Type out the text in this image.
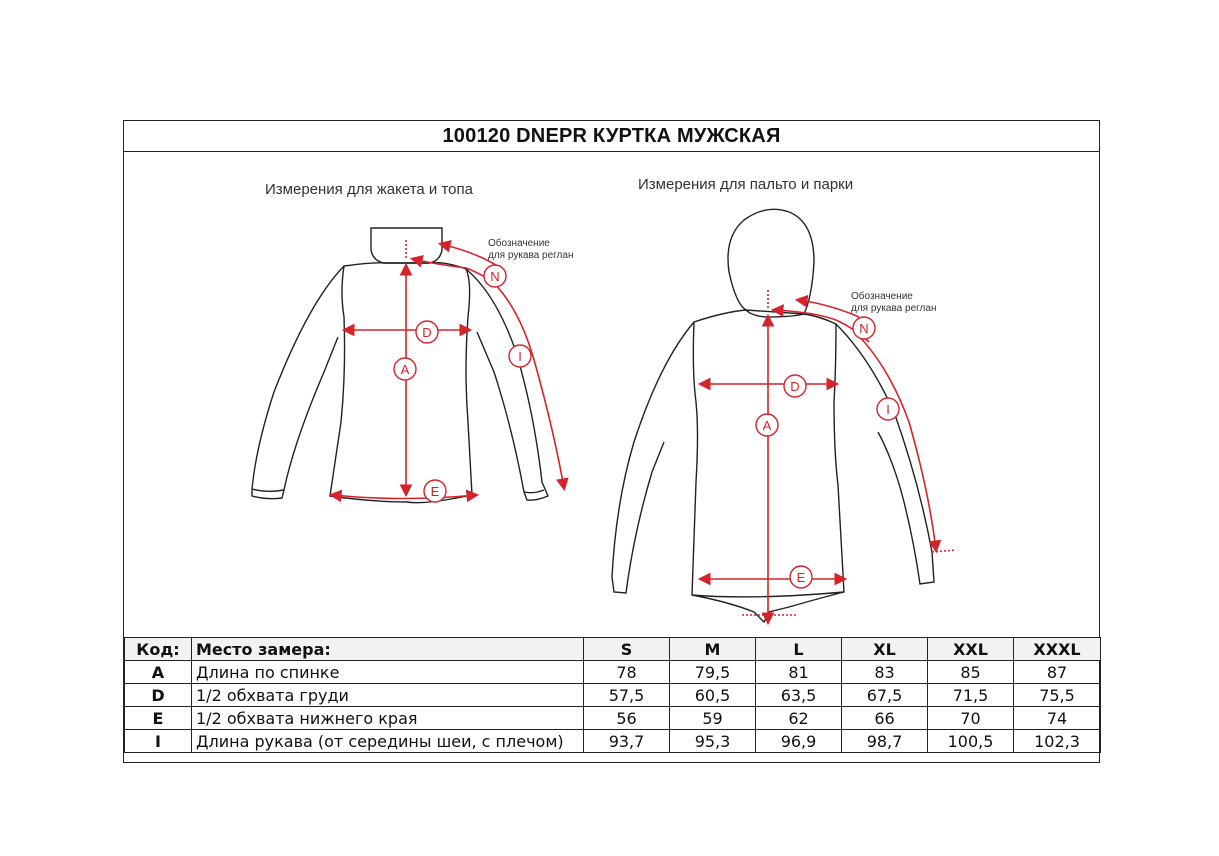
100120 DNEPR КУРТКА МУЖСКАЯ
Измерения для жакета и топа	Измерения для пальто и парки
D
A
E
I
N
Обозначение
для рукава реглан
D
A
E
I
N
Обозначение
для рукава реглан
Код:	Место замера:	S	M	L	XL	XXL	XXXL
A	Длина по спинке	78	79,5	81	83	85	87
D	1/2 обхвата груди	57,5	60,5	63,5	67,5	71,5	75,5
E	1/2 обхвата нижнего края	56	59	62	66	70	74
I	Длина рукава (от середины шеи, с плечом)	93,7	95,3	96,9	98,7	100,5	102,3
